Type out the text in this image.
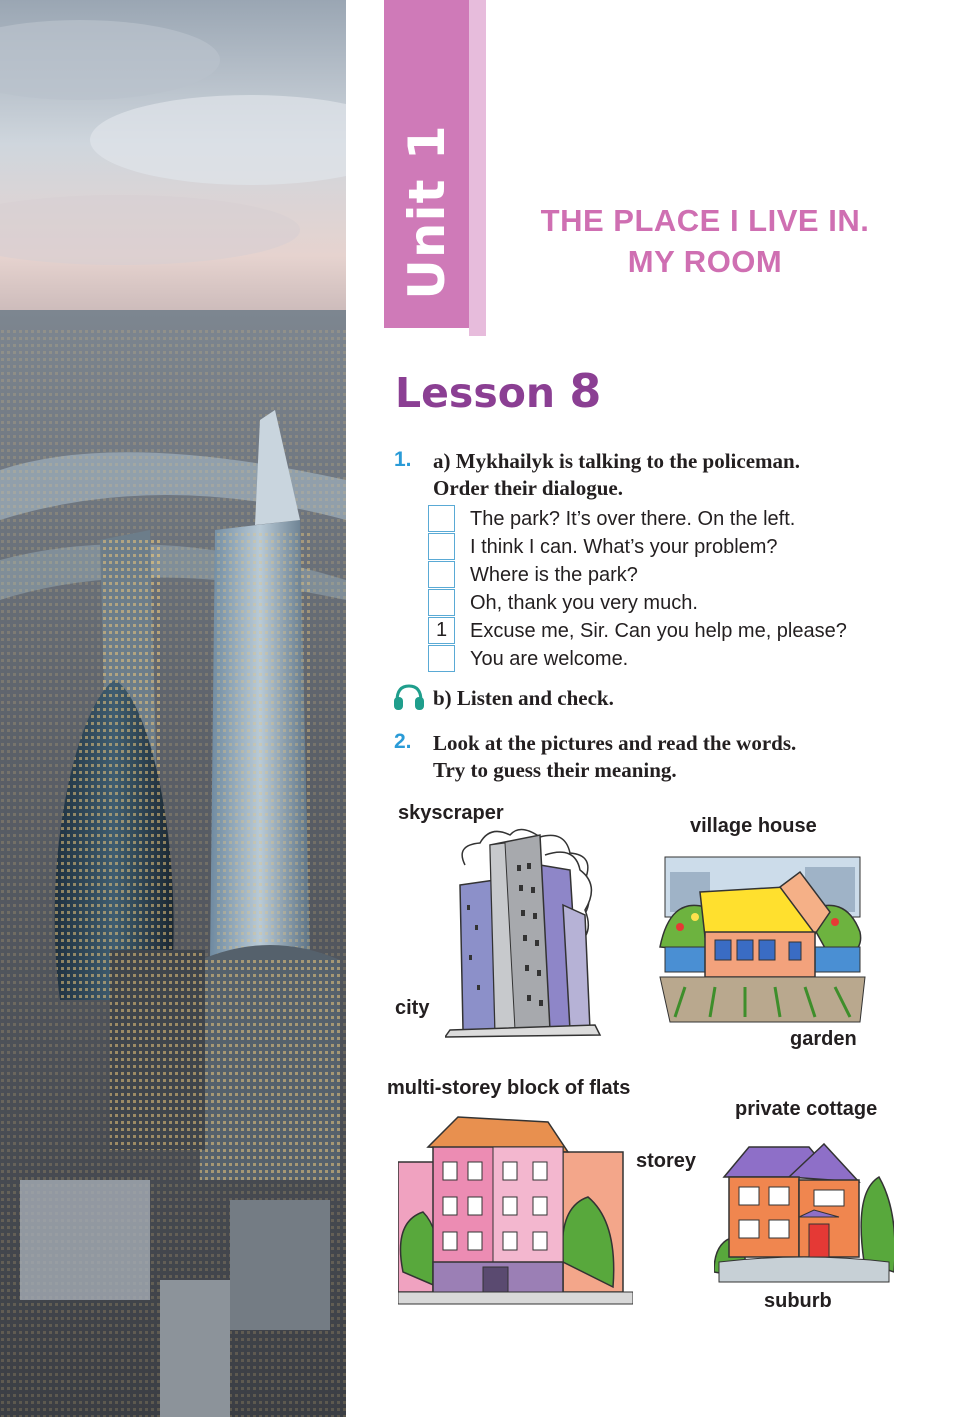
Unit 1	THE PLACE I LIVE IN.
MY ROOM
Lesson 8
1. a) Mykhailyk is talking to the policeman.
Order their dialogue.
The park? It’s over there. On the left.
I think I can. What’s your problem?
Where is the park?
Oh, thank you very much.
1	Excuse me, Sir. Can you help me, please?
You are welcome.
b) Listen and check.
2. Look at the pictures and read the words.
Try to guess their meaning.
skyscraper
village house
city
garden
multi-storey block of flats
private cottage
storey
suburb
